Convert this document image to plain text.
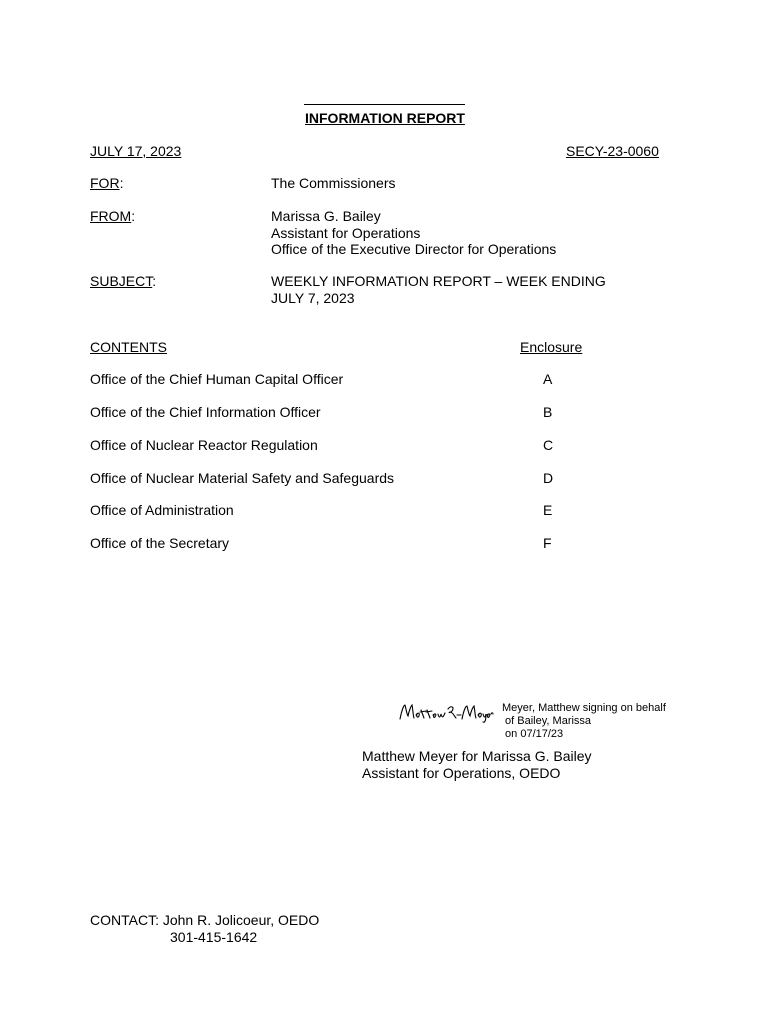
INFORMATION REPORT
JULY 17, 2023	SECY-23-0060
FOR:	The Commissioners
FROM:	Marissa G. Bailey
Assistant for Operations
Office of the Executive Director for Operations
SUBJECT:	WEEKLY INFORMATION REPORT – WEEK ENDING
JULY 7, 2023
CONTENTS	Enclosure
Office of the Chief Human Capital Officer	A
Office of the Chief Information Officer	B
Office of Nuclear Reactor Regulation	C
Office of Nuclear Material Safety and Safeguards	D
Office of Administration	E
Office of the Secretary	F
Meyer, Matthew signing on behalf
of Bailey, Marissa
on 07/17/23
Matthew Meyer for Marissa G. Bailey
Assistant for Operations, OEDO
CONTACT: John R. Jolicoeur, OEDO
301-415-1642
